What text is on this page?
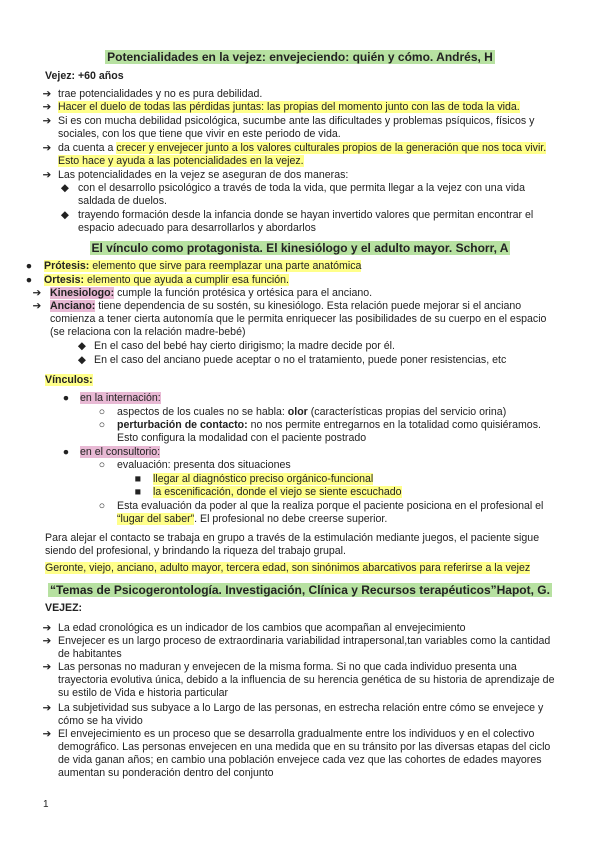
Potencialidades en la vejez: envejeciendo: quién y cómo. Andrés, H
Vejez: +60 años
➔ trae potencialidades y no es pura debilidad.
➔ Hacer el duelo de todas las pérdidas juntas: las propias del momento junto con las de toda la vida.
➔ Si es con mucha debilidad psicológica, sucumbe ante las dificultades y problemas psíquicos, físicos y sociales, con los que tiene que vivir en este periodo de vida.
➔ da cuenta a crecer y envejecer junto a los valores culturales propios de la generación que nos toca vivir. Esto hace y ayuda a las potencialidades en la vejez.
➔ Las potencialidades en la vejez se aseguran de dos maneras:
◆ con el desarrollo psicológico a través de toda la vida, que permita llegar a la vejez con una vida saldada de duelos.
◆ trayendo formación desde la infancia donde se hayan invertido valores que permitan encontrar el espacio adecuado para desarrollarlos y abordarlos
El vínculo como protagonista. El kinesiólogo y el adulto mayor. Schorr, A
●	Prótesis: elemento que sirve para reemplazar una parte anatómica
●	Ortesis: elemento que ayuda a cumplir esa función.
➔ Kinesiologo: cumple la función protésica y ortésica para el anciano.
➔ Anciano: tiene dependencia de su sostén, su kinesiólogo. Esta relación puede mejorar si el anciano comienza a tener cierta autonomía que le permita enriquecer las posibilidades de su cuerpo en el espacio (se relaciona con la relación madre-bebé)
◆ En el caso del bebé hay cierto dirigismo; la madre decide por él.
◆ En el caso del anciano puede aceptar o no el tratamiento, puede poner resistencias, etc
Vínculos:
●	en la internación:
○	aspectos de los cuales no se habla: olor (características propias del servicio orina)
○	perturbación de contacto: no nos permite entregarnos en la totalidad como quisiéramos. Esto configura la modalidad con el paciente postrado
●	en el consultorio:
○	evaluación: presenta dos situaciones
■	llegar al diagnóstico preciso orgánico-funcional
■	la escenificación, donde el viejo se siente escuchado
○	Esta evaluación da poder al que la realiza porque el paciente posiciona en el profesional el “lugar del saber”. El profesional no debe creerse superior.
Para alejar el contacto se trabaja en grupo a través de la estimulación mediante juegos, el paciente sigue siendo del profesional, y brindando la riqueza del trabajo grupal.
Geronte, viejo, anciano, adulto mayor, tercera edad, son sinónimos abarcativos para referirse a la vejez
“Temas de Psicogerontología. Investigación, Clínica y Recursos terapéuticos”Hapot, G.
VEJEZ:
➔ La edad cronológica es un indicador de los cambios que acompañan al envejecimiento
➔ Envejecer es un largo proceso de extraordinaria variabilidad intrapersonal,tan variables como la cantidad de habitantes
➔ Las personas no maduran y envejecen de la misma forma. Si no que cada individuo presenta una trayectoria evolutiva única, debido a la influencia de su herencia genética de su historia de aprendizaje de su estilo de Vida e historia particular
➔ La subjetividad sus subyace a lo Largo de las personas, en estrecha relación entre cómo se envejece y cómo se ha vivido
➔ El envejecimiento es un proceso que se desarrolla gradualmente entre los individuos y en el colectivo demográfico. Las personas envejecen en una medida que en su tránsito por las diversas etapas del ciclo de vida ganan años; en cambio una población envejece cada vez que las cohortes de edades mayores aumentan su ponderación dentro del conjunto
1
